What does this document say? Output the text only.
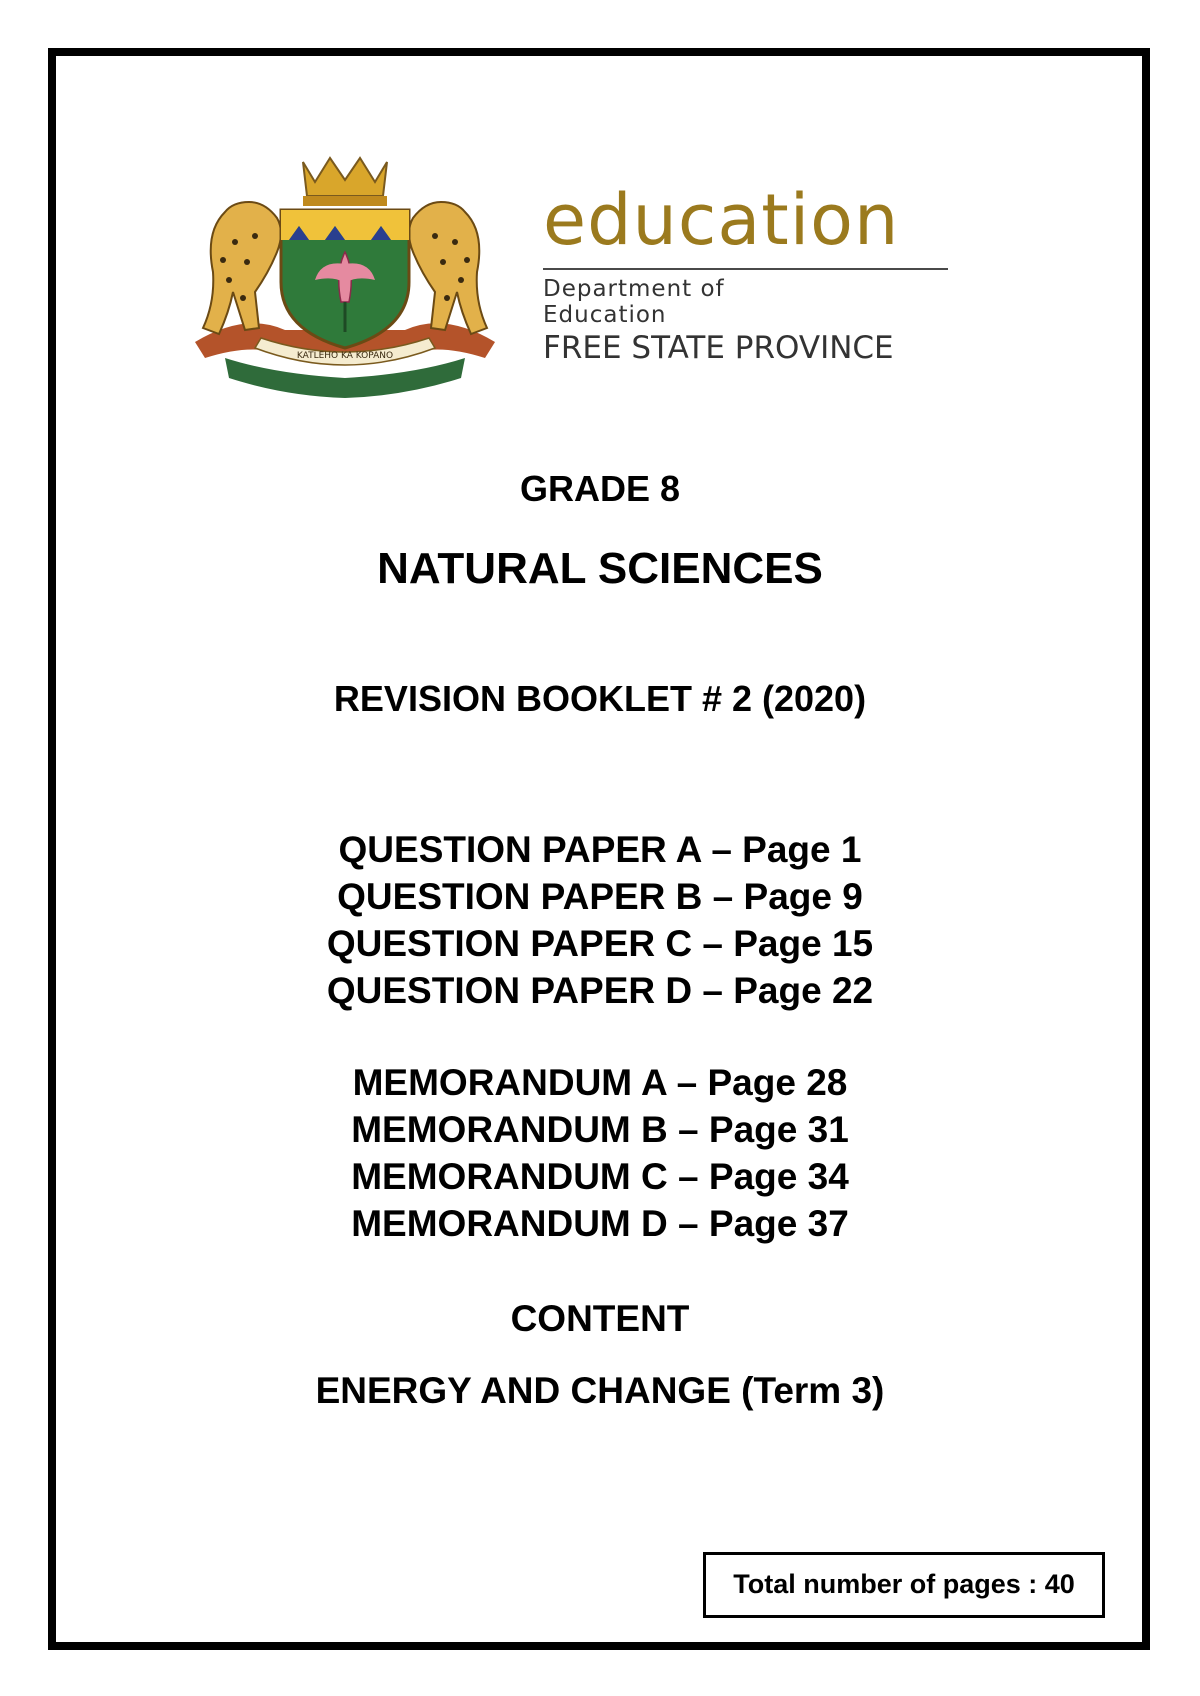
KATLEHO KA KOPANO
education
Department of
Education
FREE STATE PROVINCE
GRADE 8
NATURAL SCIENCES
REVISION BOOKLET # 2 (2020)
QUESTION PAPER A – Page 1
QUESTION PAPER B – Page 9
QUESTION PAPER C – Page 15
QUESTION PAPER D – Page 22
MEMORANDUM A – Page 28
MEMORANDUM B – Page 31
MEMORANDUM C – Page 34
MEMORANDUM D – Page 37
CONTENT
ENERGY AND CHANGE (Term 3)
Total number of pages : 40
